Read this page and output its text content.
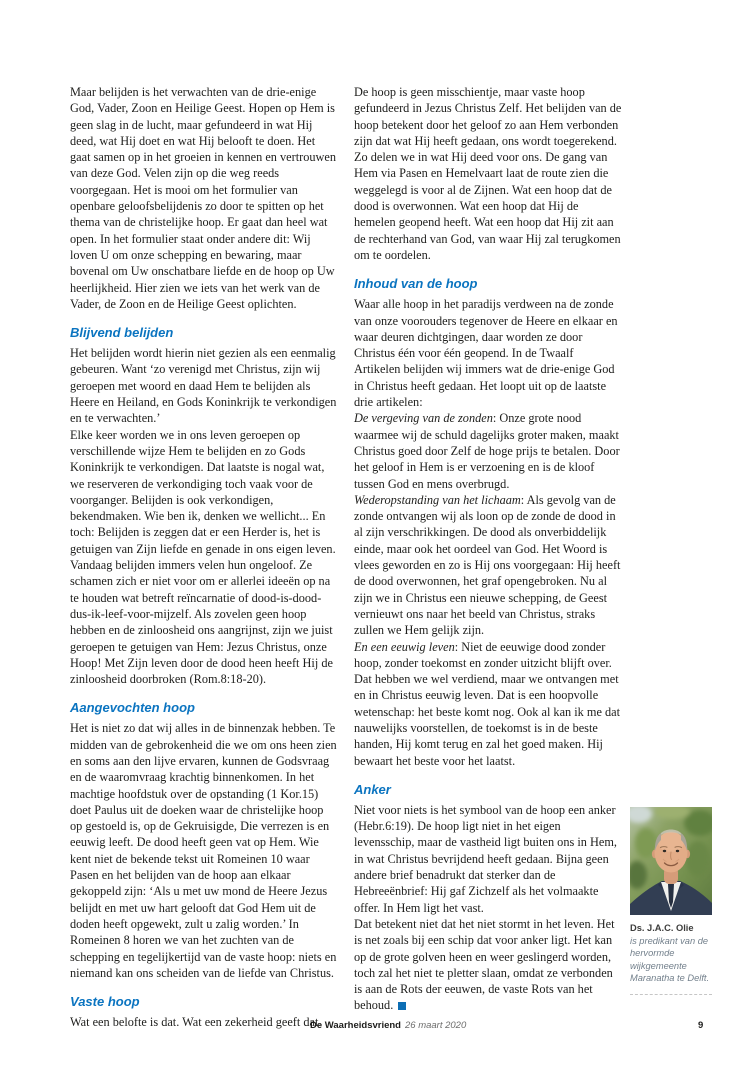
Maar belijden is het verwachten van de drie-enige God, Vader, Zoon en Heilige Geest. Hopen op Hem is geen slag in de lucht, maar gefundeerd in wat Hij deed, wat Hij doet en wat Hij belooft te doen. Het gaat samen op in het groeien in kennen en vertrouwen van deze God. Velen zijn op die weg reeds voorgegaan. Het is mooi om het formulier van openbare geloofsbelijdenis zo door te spitten op het thema van de christelijke hoop. Er gaat dan heel wat open. In het formulier staat onder andere dit: Wij loven U om onze schepping en bewaring, maar bovenal om Uw onschatbare liefde en de hoop op Uw heerlijkheid. Hier zien we iets van het werk van de Vader, de Zoon en de Heilige Geest oplichten.

Blijvend belijden

Het belijden wordt hierin niet gezien als een eenmalig gebeuren. Want ‘zo verenigd met Christus, zijn wij geroepen met woord en daad Hem te belijden als Heere en Heiland, en Gods Koninkrijk te verkondigen en te verwachten.’

Elke keer worden we in ons leven geroepen op verschillende wijze Hem te belijden en zo Gods Koninkrijk te verkondigen. Dat laatste is nogal wat, we reserveren de verkondiging toch vaak voor de voorganger. Belijden is ook verkondigen, bekendmaken. Wie ben ik, denken we wellicht... En toch: Belijden is zeggen dat er een Herder is, het is getuigen van Zijn liefde en genade in ons eigen leven. Vandaag belijden immers velen hun ongeloof. Ze schamen zich er niet voor om er allerlei ideeën op na te houden wat betreft reïncarnatie of dood-is-dood-dus-ik-leef-voor-mijzelf. Als zovelen geen hoop hebben en de zinloosheid ons aangrijnst, zijn we juist geroepen te getuigen van Hem: Jezus Christus, onze Hoop! Met Zijn leven door de dood heen heeft Hij de zinloosheid doorbroken (Rom.8:18-20).

Aangevochten hoop

Het is niet zo dat wij alles in de binnenzak hebben. Te midden van de gebrokenheid die we om ons heen zien en soms aan den lijve ervaren, kunnen de Godsvraag en de waaromvraag krachtig binnenkomen. In het machtige hoofdstuk over de opstanding (1 Kor.15) doet Paulus uit de doeken waar de christelijke hoop op gestoeld is, op de Gekruisigde, Die verrezen is en eeuwig leeft. De dood heeft geen vat op Hem. Wie kent niet de bekende tekst uit Romeinen 10 waar Pasen en het belijden van de hoop aan elkaar gekoppeld zijn: ‘Als u met uw mond de Heere Jezus belijdt en met uw hart gelooft dat God Hem uit de doden heeft opgewekt, zult u zalig worden.’ In Romeinen 8 horen we van het zuchten van de schepping en tegelijkertijd van de vaste hoop: niets en niemand kan ons scheiden van de liefde van Christus.

Vaste hoop

Wat een belofte is dat. Wat een zekerheid geeft dat.

De hoop is geen misschientje, maar vaste hoop gefundeerd in Jezus Christus Zelf. Het belijden van de hoop betekent door het geloof zo aan Hem verbonden zijn dat wat Hij heeft gedaan, ons wordt toegerekend. Zo delen we in wat Hij deed voor ons. De gang van Hem via Pasen en Hemelvaart laat de route zien die weggelegd is voor al de Zijnen. Wat een hoop dat de dood is overwonnen. Wat een hoop dat Hij de hemelen geopend heeft. Wat een hoop dat Hij zit aan de rechterhand van God, van waar Hij zal terugkomen om te oordelen.

Inhoud van de hoop

Waar alle hoop in het paradijs verdween na de zonde van onze voorouders tegenover de Heere en elkaar en waar deuren dichtgingen, daar worden ze door Christus één voor één geopend. In de Twaalf Artikelen belijden wij immers wat de drie-enige God in Christus heeft gedaan. Het loopt uit op de laatste drie artikelen:

De vergeving van de zonden: Onze grote nood waarmee wij de schuld dagelijks groter maken, maakt Christus goed door Zelf de hoge prijs te betalen. Door het geloof in Hem is er verzoening en is de kloof tussen God en mens overbrugd.

Wederopstanding van het lichaam: Als gevolg van de zonde ontvangen wij als loon op de zonde de dood in al zijn verschrikkingen. De dood als onverbiddelijk einde, maar ook het oordeel van God. Het Woord is vlees geworden en zo is Hij ons voorgegaan: Hij heeft de dood overwonnen, het graf opengebroken. Nu al zijn we in Christus een nieuwe schepping, de Geest vernieuwt ons naar het beeld van Christus, straks zullen we Hem gelijk zijn.

En een eeuwig leven: Niet de eeuwige dood zonder hoop, zonder toekomst en zonder uitzicht blijft over. Dat hebben we wel verdiend, maar we ontvangen met en in Christus eeuwig leven. Dat is een hoopvolle wetenschap: het beste komt nog. Ook al kan ik me dat nauwelijks voorstellen, de toekomst is in de beste handen, Hij komt terug en zal het goed maken. Hij bewaart het beste voor het laatst.

Anker

Niet voor niets is het symbool van de hoop een anker (Hebr.6:19). De hoop ligt niet in het eigen levensschip, maar de vastheid ligt buiten ons in Hem, in wat Christus bevrijdend heeft gedaan. Bijna geen andere brief benadrukt dat sterker dan de Hebreeënbrief: Hij gaf Zichzelf als het volmaakte offer. In Hem ligt het vast.

Dat betekent niet dat het niet stormt in het leven. Het is net zoals bij een schip dat voor anker ligt. Het kan op de grote golven heen en weer geslingerd worden, toch zal het niet te pletter slaan, omdat ze verbonden is aan de Rots der eeuwen, de vaste Rots van het behoud.

Ds. J.A.C. Olie
is predikant van de hervormde wijkgemeente Maranatha te Delft.
De Waarheidsvriend 26 maart 2020	9
